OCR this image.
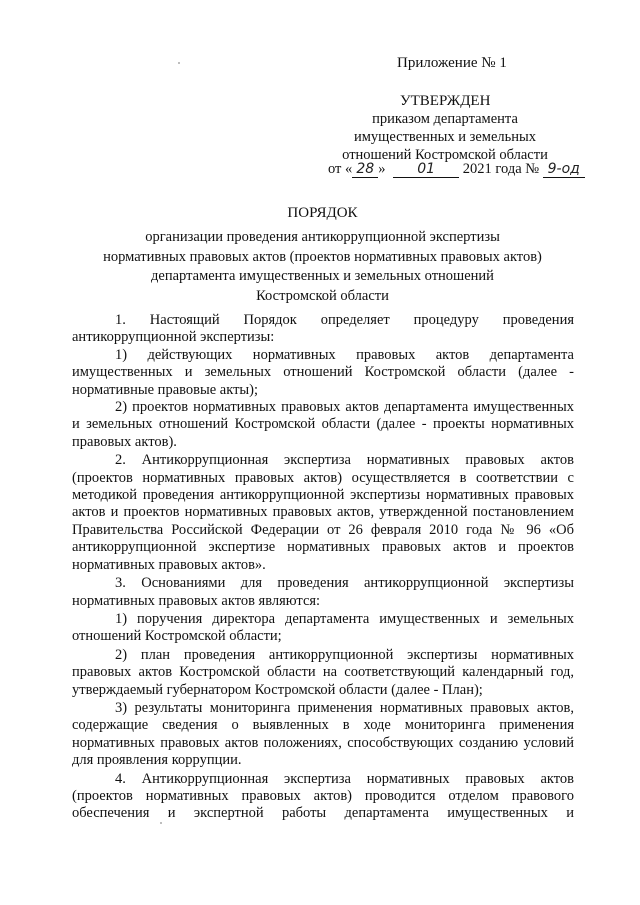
Приложение № 1
УТВЕРЖДЕН
приказом департамента
имущественных и земельных
отношений Костромской области
от « 28 » 01 2021 года № 9-од

ПОРЯДОК

организации проведения антикоррупционной экспертизы

нормативных правовых актов (проектов нормативных правовых актов)

департамента имущественных и земельных отношений

Костромской области

1. Настоящий Порядок определяет процедуру проведения антикоррупционной экспертизы:

1) действующих нормативных правовых актов департамента имущественных и земельных отношений Костромской области (далее - нормативные правовые акты);

2) проектов нормативных правовых актов департамента имущественных и земельных отношений Костромской области (далее - проекты нормативных правовых актов).

2. Антикоррупционная экспертиза нормативных правовых актов (проектов нормативных правовых актов) осуществляется в соответствии с методикой проведения антикоррупционной экспертизы нормативных правовых актов и проектов нормативных правовых актов, утвержденной постановлением Правительства Российской Федерации от 26 февраля 2010 года № 96 «Об антикоррупционной экспертизе нормативных правовых актов и проектов нормативных правовых актов».

3. Основаниями для проведения антикоррупционной экспертизы нормативных правовых актов являются:

1) поручения директора департамента имущественных и земельных отношений Костромской области;

2) план проведения антикоррупционной экспертизы нормативных правовых актов Костромской области на соответствующий календарный год, утверждаемый губернатором Костромской области (далее - План);

3) результаты мониторинга применения нормативных правовых актов, содержащие сведения о выявленных в ходе мониторинга применения нормативных правовых актов положениях, способствующих созданию условий для проявления коррупции.

4. Антикоррупционная экспертиза нормативных правовых актов (проектов нормативных правовых актов) проводится отделом правового обеспечения и экспертной работы департамента имущественных и
